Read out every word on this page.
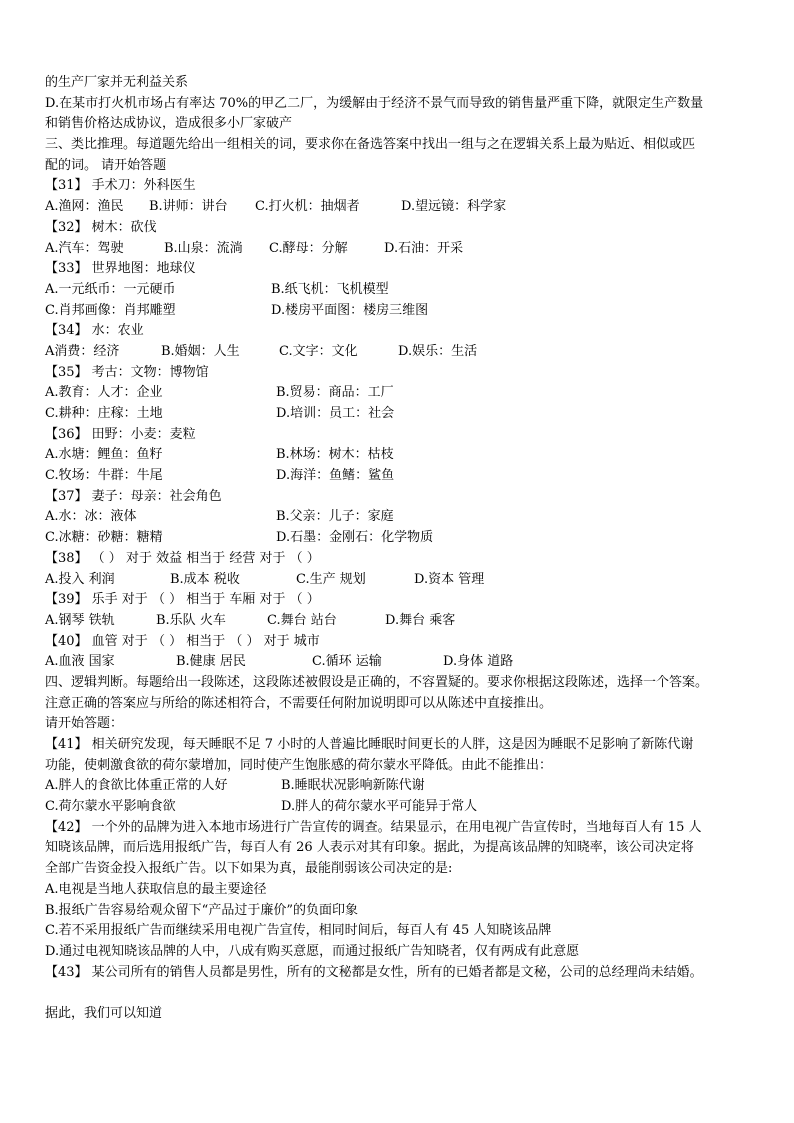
的生产厂家并无利益关系
D.在某市打火机市场占有率达 70%的甲乙二厂，为缓解由于经济不景气而导致的销售量严重下降，就限定生产数量
和销售价格达成协议，造成很多小厂家破产
三、类比推理。每道题先给出一组相关的词，要求你在备选答案中找出一组与之在逻辑关系上最为贴近、相似或匹
配的词。 请开始答题
【31】 手术刀：外科医生
A.渔网：渔民 B.讲师：讲台 C.打火机：抽烟者	D.望远镜：科学家
【32】 树木：砍伐
A.汽车：驾驶	B.山泉：流淌 C.酵母：分解	D.石油：开采
【33】 世界地图：地球仪
A.一元纸币：一元硬币	B.纸飞机：飞机模型
C.肖邦画像：肖邦雕塑	D.楼房平面图：楼房三维图
【34】 水：农业
A消费：经济	B.婚姻：人生	C.文字：文化	D.娱乐：生活
【35】 考古：文物：博物馆
A.教育：人才：企业	B.贸易：商品：工厂
C.耕种：庄稼：土地	D.培训：员工：社会
【36】 田野：小麦：麦粒
A.水塘：鲤鱼：鱼籽	B.林场：树木：枯枝
C.牧场：牛群：牛尾	D.海洋：鱼鳍：鲨鱼
【37】 妻子：母亲：社会角色
A.水：冰：液体	B.父亲：儿子：家庭
C.冰糖：砂糖：糖精	D.石墨：金刚石：化学物质
【38】 （ ） 对于 效益 相当于 经营 对于 （ ）
A.投入 利润	B.成本 税收	C.生产 规划	D.资本 管理
【39】 乐手 对于 （ ） 相当于 车厢 对于 （ ）
A.钢琴 铁轨	B.乐队 火车	C.舞台 站台	D.舞台 乘客
【40】 血管 对于 （ ） 相当于 （ ） 对于 城市
A.血液 国家	B.健康 居民	C.循环 运输	D.身体 道路
四、逻辑判断。每题给出一段陈述，这段陈述被假设是正确的，不容置疑的。要求你根据这段陈述，选择一个答案。
注意正确的答案应与所给的陈述相符合，不需要任何附加说明即可以从陈述中直接推出。
请开始答题：
【41】 相关研究发现，每天睡眠不足 7 小时的人普遍比睡眠时间更长的人胖，这是因为睡眠不足影响了新陈代谢
功能，使刺激食欲的荷尔蒙增加，同时使产生饱胀感的荷尔蒙水平降低。由此不能推出：
A.胖人的食欲比体重正常的人好	B.睡眠状况影响新陈代谢
C.荷尔蒙水平影响食欲	D.胖人的荷尔蒙水平可能异于常人
【42】 一个外的品牌为进入本地市场进行广告宣传的调查。结果显示，在用电视广告宣传时，当地每百人有 15 人
知晓该品牌，而后选用报纸广告，每百人有 26 人表示对其有印象。据此，为提高该品牌的知晓率，该公司决定将
全部广告资金投入报纸广告。以下如果为真，最能削弱该公司决定的是:
A.电视是当地人获取信息的最主要途径
B.报纸广告容易给观众留下“产品过于廉价”的负面印象
C.若不采用报纸广告而继续采用电视广告宣传，相同时间后，每百人有 45 人知晓该品牌
D.通过电视知晓该品牌的人中，八成有购买意愿，而通过报纸广告知晓者，仅有两成有此意愿
【43】 某公司所有的销售人员都是男性，所有的文秘都是女性，所有的已婚者都是文秘，公司的总经理尚未结婚。
据此，我们可以知道
